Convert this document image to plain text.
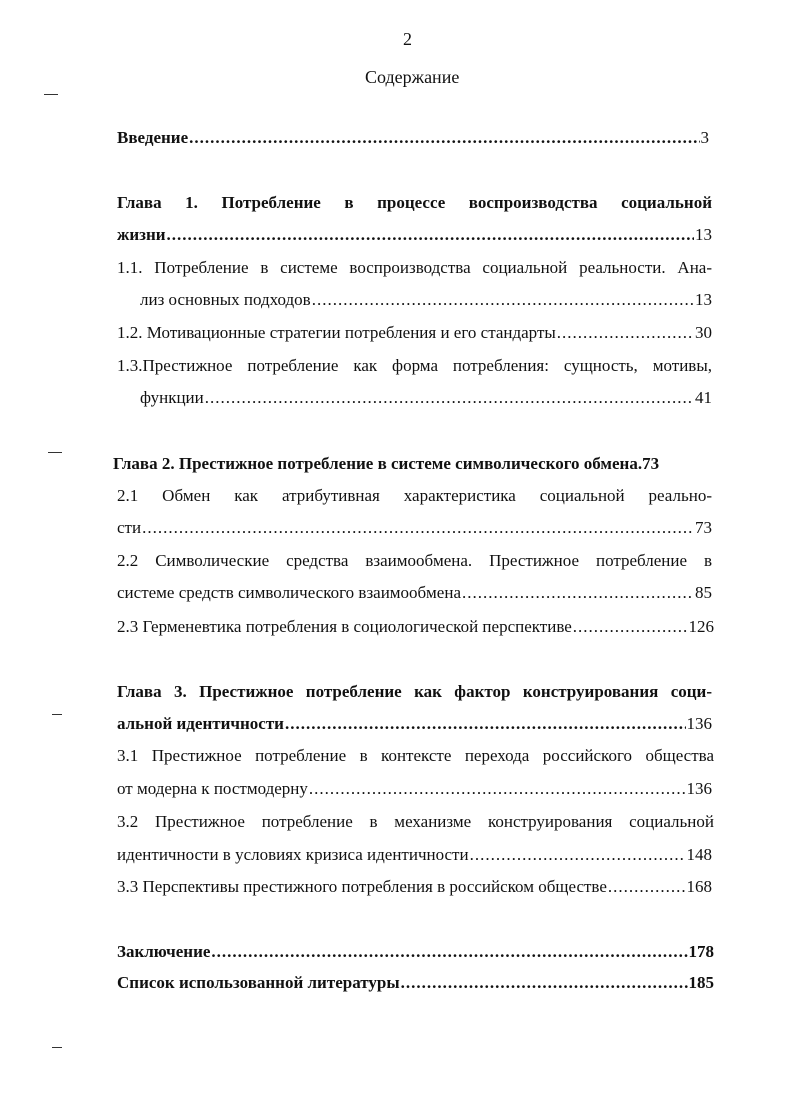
2
Содержание
Введение .....	3
Глава 1. Потребление в процессе воспроизводства социальной
жизни .....	13
1.1. Потребление в системе воспроизводства социальной реальности. Ана-
лиз основных подходов .....	13
1.2. Мотивационные стратегии потребления и его стандарты .....	30
1.3.Престижное потребление как форма потребления: сущность, мотивы,
функции .....	41
Глава 2. Престижное потребление в системе символического обмена. 73
2.1 Обмен как атрибутивная характеристика социальной реально-
сти .....	73
2.2 Символические средства взаимообмена. Престижное потребление в
системе средств символического взаимообмена .....	85
2.3 Герменевтика потребления в социологической перспективе .....	126
Глава 3. Престижное потребление как фактор конструирования соци-
альной идентичности .....	136
3.1 Престижное потребление в контексте перехода российского общества
от модерна к постмодерну .....	136
3.2 Престижное потребление в механизме конструирования социальной
идентичности в условиях кризиса идентичности .....	148
3.3 Перспективы престижного потребления в российском обществе .....	168
Заключение .....	178
Список использованной литературы .....	185
